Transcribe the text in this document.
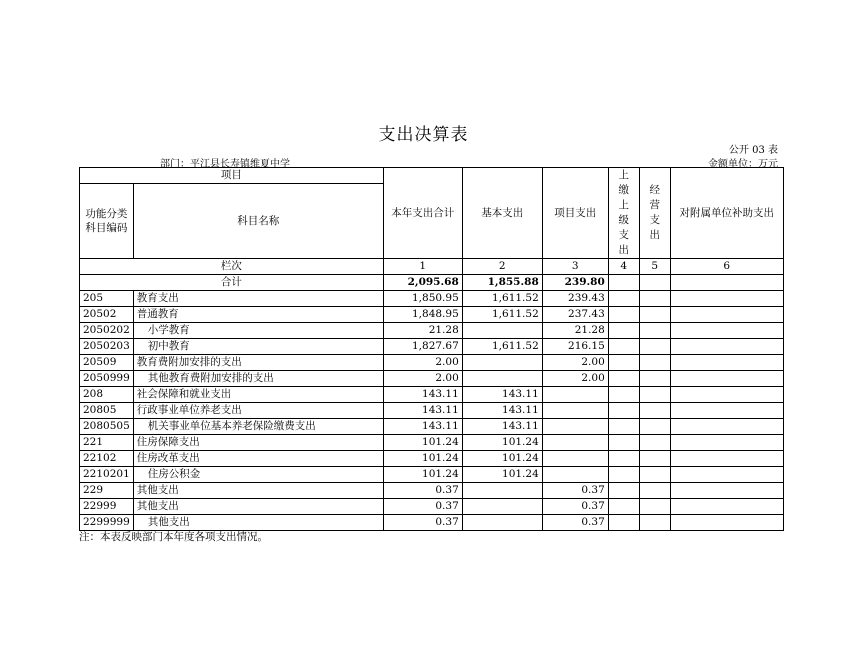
支出决算表
公开 03 表
部门：平江县长寿镇维夏中学	金额单位：万元
项目		本年支出合计	基本支出	项目支出	上缴上级支出	经营支出	对附属单位补助支出
功能分类科目编码	科目名称						
栏次		1	2	3	4	5	6
合计		2,095.68	1,855.88	239.80			
205	教育支出	1,850.95	1,611.52	239.43			
20502	普通教育	1,848.95	1,611.52	237.43			
2050202	小学教育	21.28		21.28			
2050203	初中教育	1,827.67	1,611.52	216.15			
20509	教育费附加安排的支出	2.00		2.00			
2050999	其他教育费附加安排的支出	2.00		2.00			
208	社会保障和就业支出	143.11	143.11				
20805	行政事业单位养老支出	143.11	143.11				
2080505	机关事业单位基本养老保险缴费支出	143.11	143.11				
221	住房保障支出	101.24	101.24				
22102	住房改革支出	101.24	101.24				
2210201	住房公积金	101.24	101.24				
229	其他支出	0.37		0.37			
22999	其他支出	0.37		0.37			
2299999	其他支出	0.37		0.37			
注：本表反映部门本年度各项支出情况。
